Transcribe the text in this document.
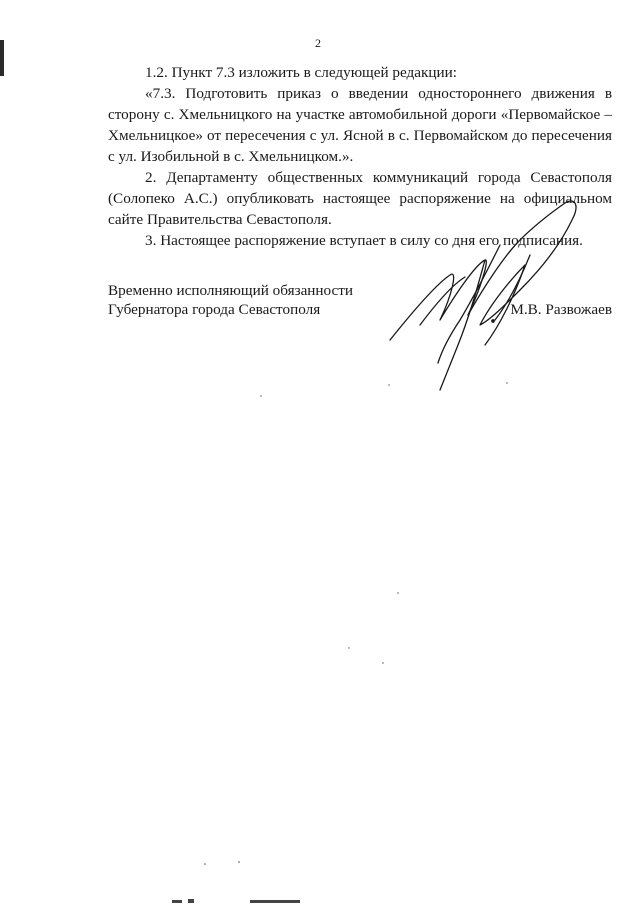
2

1.2. Пункт 7.3 изложить в следующей редакции:

«7.3. Подготовить приказ о введении одностороннего движения в сторону с. Хмельницкого на участке автомобильной дороги «Первомайское – Хмельницкое» от пересечения с ул. Ясной в с. Первомайском до пересечения с ул. Изобильной в с. Хмельницком.».

2. Департаменту общественных коммуникаций города Севастополя (Солопеко А.С.) опубликовать настоящее распоряжение на официальном сайте Правительства Севастополя.

3. Настоящее распоряжение вступает в силу со дня его подписания.

Временно исполняющий обязанности
Губернатора города Севастополя	М.В. Развожаев
